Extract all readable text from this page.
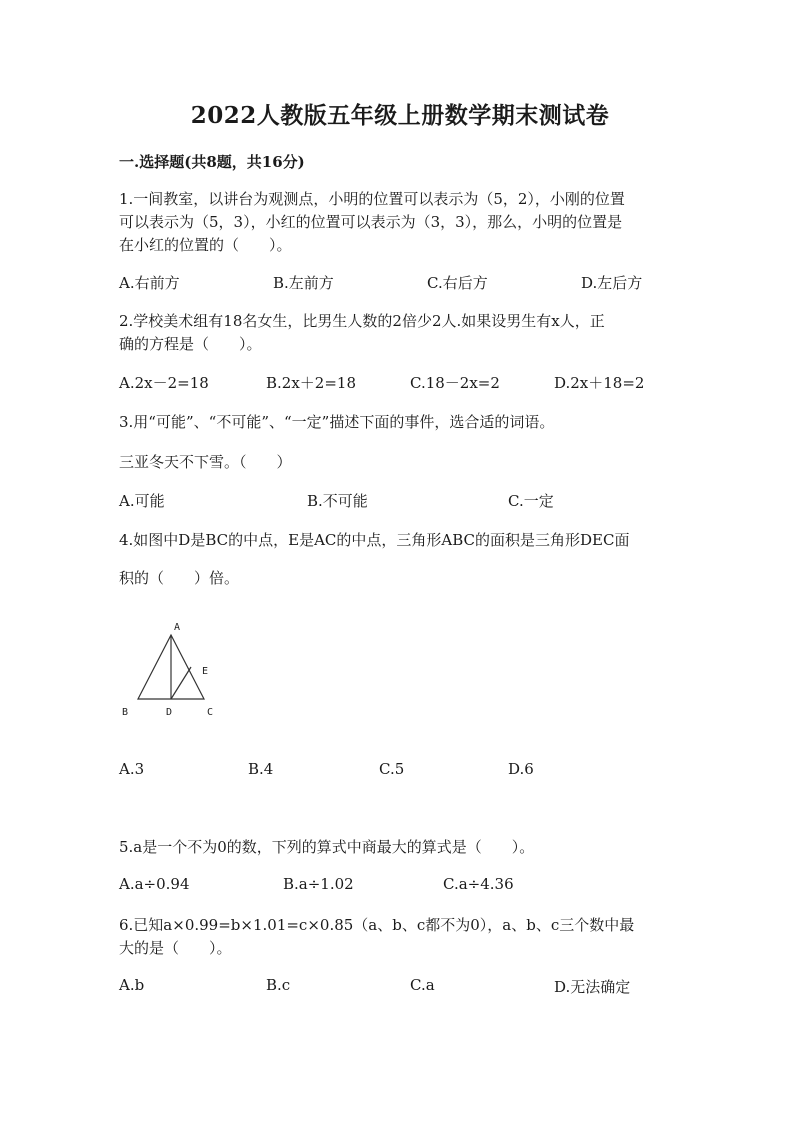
2022人教版五年级上册数学期末测试卷
一.选择题(共8题，共16分)
1.一间教室，以讲台为观测点，小明的位置可以表示为（5，2），小刚的位置
可以表示为（5，3），小红的位置可以表示为（3，3），那么，小明的位置是
在小红的位置的（　　）。
A.右前方	B.左前方	C.右后方	D.左后方
2.学校美术组有18名女生，比男生人数的2倍少2人.如果设男生有x人，正
确的方程是（　　）。
A.2x－2=18	B.2x＋2=18	C.18－2x=2	D.2x＋18=2
3.用“可能”、“不可能”、“一定”描述下面的事件，选合适的词语。
三亚冬天不下雪。（　　）
A.可能	B.不可能	C.一定
4.如图中D是BC的中点，E是AC的中点，三角形ABC的面积是三角形DEC面
积的（　　）倍。
A
E
B	D	C
A.3	B.4	C.5	D.6
5.a是一个不为0的数，下列的算式中商最大的算式是（　　）。
A.a÷0.94	B.a÷1.02	C.a÷4.36
6.已知a×0.99=b×1.01=c×0.85（a、b、c都不为0），a、b、c三个数中最
大的是（　　）。
A.b	B.c	C.a	D.无法确定
